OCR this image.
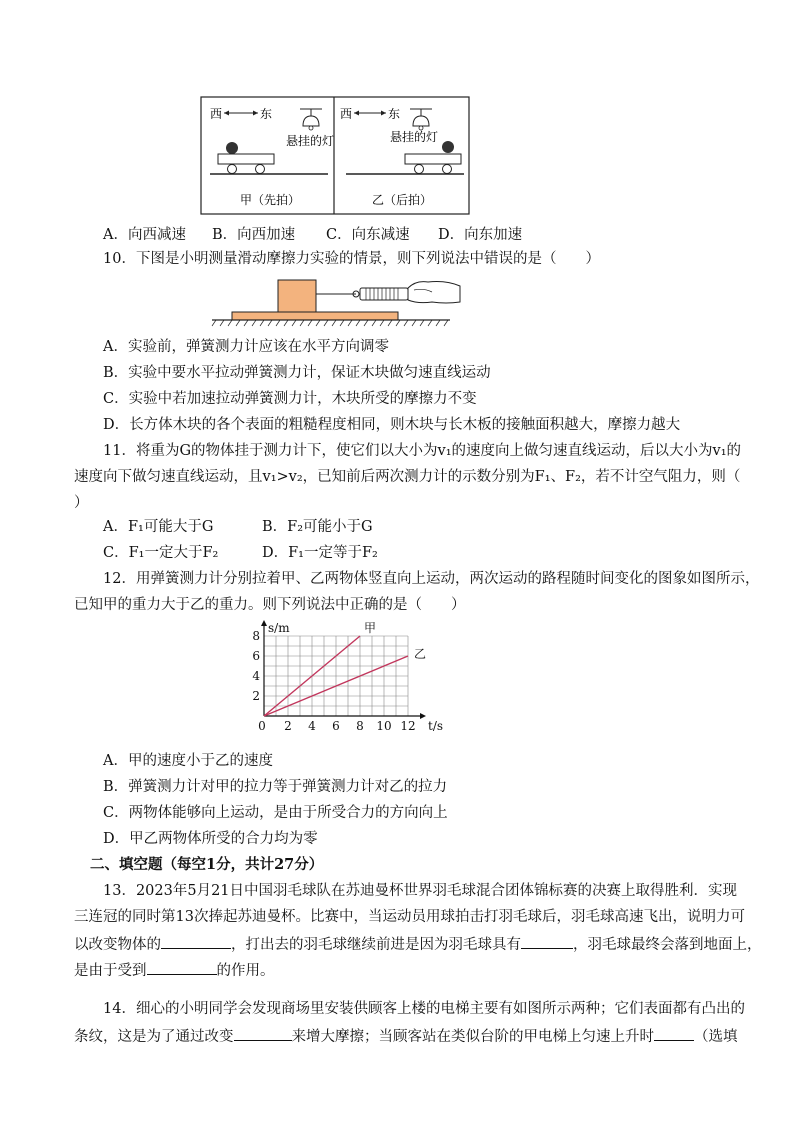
西	东
悬挂的灯
甲（先拍）
西	东
悬挂的灯
乙（后拍）
A．向西减速 B．向西加速 C．向东减速 D．向东加速
10．下图是小明测量滑动摩擦力实验的情景，则下列说法中错误的是（　　）
A．实验前，弹簧测力计应该在水平方向调零
B．实验中要水平拉动弹簧测力计，保证木块做匀速直线运动
C．实验中若加速拉动弹簧测力计，木块所受的摩擦力不变
D．长方体木块的各个表面的粗糙程度相同，则木块与长木板的接触面积越大，摩擦力越大
11．将重为G的物体挂于测力计下，使它们以大小为v₁的速度向上做匀速直线运动，后以大小为v₁的
速度向下做匀速直线运动，且v₁>v₂，已知前后两次测力计的示数分别为F₁、F₂，若不计空气阻力，则（
）
A．F₁可能大于G	B．F₂可能小于G
C．F₁一定大于F₂	D．F₁一定等于F₂
12．用弹簧测力计分别拉着甲、乙两物体竖直向上运动，两次运动的路程随时间变化的图象如图所示，
已知甲的重力大于乙的重力。则下列说法中正确的是（　　）
0 2 4 6 8 10 12
2
4
6
8
s/m
t/s
甲
乙
A．甲的速度小于乙的速度
B．弹簧测力计对甲的拉力等于弹簧测力计对乙的拉力
C．两物体能够向上运动，是由于所受合力的方向向上
D．甲乙两物体所受的合力均为零
二、填空题（每空1分，共计27分）
13．2023年5月21日中国羽毛球队在苏迪曼杯世界羽毛球混合团体锦标赛的决赛上取得胜利．实现
三连冠的同时第13次捧起苏迪曼杯。比赛中，当运动员用球拍击打羽毛球后，羽毛球高速飞出，说明力可
以改变物体的	，打出去的羽毛球继续前进是因为羽毛球具有	，羽毛球最终会落到地面上，
是由于受到	的作用。
14．细心的小明同学会发现商场里安装供顾客上楼的电梯主要有如图所示两种；它们表面都有凸出的
条纹，这是为了通过改变	来增大摩擦；当顾客站在类似台阶的甲电梯上匀速上升时	（选填
